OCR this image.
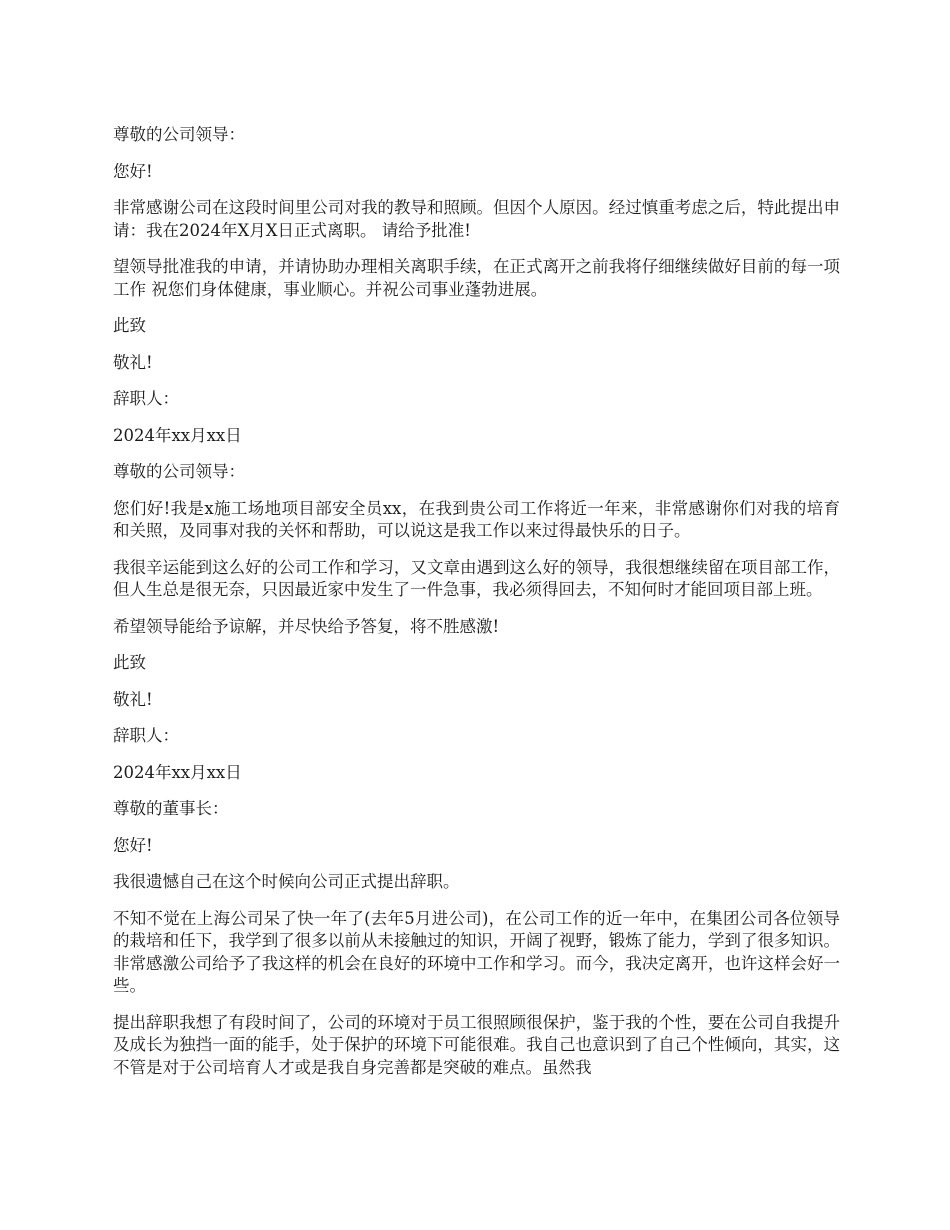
尊敬的公司领导：

您好!

非常感谢公司在这段时间里公司对我的教导和照顾。但因个人原因。经过慎重考虑之后，特此提出申请：我在2024年X月X日正式离职。 请给予批准!

望领导批准我的申请，并请协助办理相关离职手续，在正式离开之前我将仔细继续做好目前的每一项工作 祝您们身体健康，事业顺心。并祝公司事业蓬勃进展。

此致

敬礼!

辞职人：

2024年xx月xx日

尊敬的公司领导：

您们好!我是x施工场地项目部安全员xx，在我到贵公司工作将近一年来，非常感谢你们对我的培育和关照，及同事对我的关怀和帮助，可以说这是我工作以来过得最快乐的日子。

我很辛运能到这么好的公司工作和学习，又文章由遇到这么好的领导，我很想继续留在项目部工作，但人生总是很无奈，只因最近家中发生了一件急事，我必须得回去，不知何时才能回项目部上班。

希望领导能给予谅解，并尽快给予答复，将不胜感激!

此致

敬礼!

辞职人：

2024年xx月xx日

尊敬的董事长：

您好!

我很遗憾自己在这个时候向公司正式提出辞职。

不知不觉在上海公司呆了快一年了(去年5月进公司)，在公司工作的近一年中，在集团公司各位领导的栽培和任下，我学到了很多以前从未接触过的知识，开阔了视野，锻炼了能力，学到了很多知识。非常感激公司给予了我这样的机会在良好的环境中工作和学习。而今，我决定离开，也许这样会好一些。

提出辞职我想了有段时间了，公司的环境对于员工很照顾很保护，鉴于我的个性，要在公司自我提升及成长为独挡一面的能手，处于保护的环境下可能很难。我自己也意识到了自己个性倾向，其实，这不管是对于公司培育人才或是我自身完善都是突破的难点。虽然我
